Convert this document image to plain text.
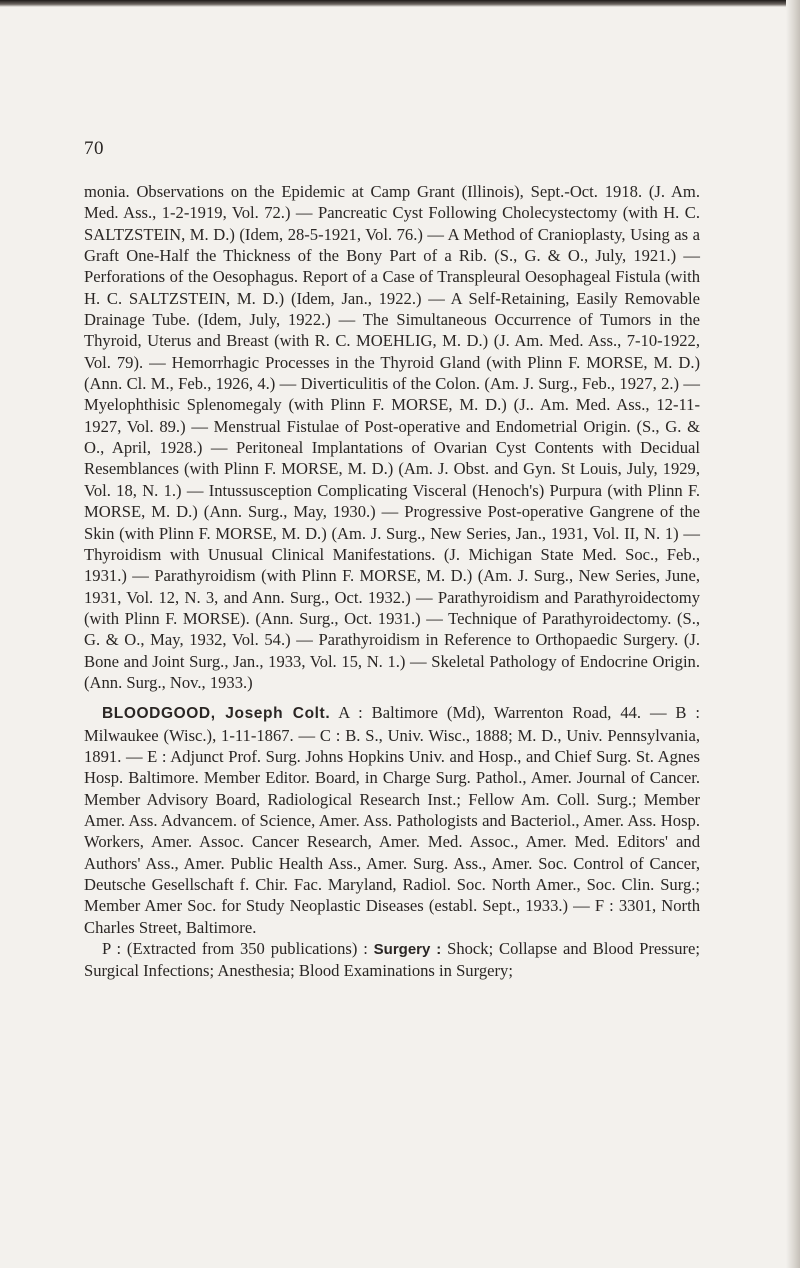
70

monia. Observations on the Epidemic at Camp Grant (Illinois), Sept.-Oct. 1918. (J. Am. Med. Ass., 1-2-1919, Vol. 72.) — Pancreatic Cyst Following Cholecystectomy (with H. C. SALTZSTEIN, M. D.) (Idem, 28-5-1921, Vol. 76.) — A Method of Cranioplasty, Using as a Graft One-Half the Thickness of the Bony Part of a Rib. (S., G. & O., July, 1921.) — Perforations of the Oesophagus. Report of a Case of Transpleural Oesophageal Fistula (with H. C. SALTZSTEIN, M. D.) (Idem, Jan., 1922.) — A Self-Retaining, Easily Removable Drainage Tube. (Idem, July, 1922.) — The Simultaneous Occurrence of Tumors in the Thyroid, Uterus and Breast (with R. C. MOEHLIG, M. D.) (J. Am. Med. Ass., 7-10-1922, Vol. 79). — Hemorrhagic Processes in the Thyroid Gland (with Plinn F. MORSE, M. D.) (Ann. Cl. M., Feb., 1926, 4.) — Diverticulitis of the Colon. (Am. J. Surg., Feb., 1927, 2.) — Myelophthisic Splenomegaly (with Plinn F. MORSE, M. D.) (J.. Am. Med. Ass., 12-11-1927, Vol. 89.) — Menstrual Fistulae of Post-operative and Endometrial Origin. (S., G. & O., April, 1928.) — Peritoneal Implantations of Ovarian Cyst Contents with Decidual Resemblances (with Plinn F. MORSE, M. D.) (Am. J. Obst. and Gyn. St Louis, July, 1929, Vol. 18, N. 1.) — Intussusception Complicating Visceral (Henoch's) Purpura (with Plinn F. MORSE, M. D.) (Ann. Surg., May, 1930.) — Progressive Post-operative Gangrene of the Skin (with Plinn F. MORSE, M. D.) (Am. J. Surg., New Series, Jan., 1931, Vol. II, N. 1) — Thyroidism with Unusual Clinical Manifestations. (J. Michigan State Med. Soc., Feb., 1931.) — Parathyroidism (with Plinn F. MORSE, M. D.) (Am. J. Surg., New Series, June, 1931, Vol. 12, N. 3, and Ann. Surg., Oct. 1932.) — Parathyroidism and Parathyroidectomy (with Plinn F. MORSE). (Ann. Surg., Oct. 1931.) — Technique of Parathyroidectomy. (S., G. & O., May, 1932, Vol. 54.) — Parathyroidism in Reference to Orthopaedic Surgery. (J. Bone and Joint Surg., Jan., 1933, Vol. 15, N. 1.) — Skeletal Pathology of Endocrine Origin. (Ann. Surg., Nov., 1933.)

BLOODGOOD, Joseph Colt. A : Baltimore (Md), Warrenton Road, 44. — B : Milwaukee (Wisc.), 1-11-1867. — C : B. S., Univ. Wisc., 1888; M. D., Univ. Pennsylvania, 1891. — E : Adjunct Prof. Surg. Johns Hopkins Univ. and Hosp., and Chief Surg. St. Agnes Hosp. Baltimore. Member Editor. Board, in Charge Surg. Pathol., Amer. Journal of Cancer. Member Advisory Board, Radiological Research Inst.; Fellow Am. Coll. Surg.; Member Amer. Ass. Advancem. of Science, Amer. Ass. Pathologists and Bacteriol., Amer. Ass. Hosp. Workers, Amer. Assoc. Cancer Research, Amer. Med. Assoc., Amer. Med. Editors' and Authors' Ass., Amer. Public Health Ass., Amer. Surg. Ass., Amer. Soc. Control of Cancer, Deutsche Gesellschaft f. Chir. Fac. Maryland, Radiol. Soc. North Amer., Soc. Clin. Surg.; Member Amer Soc. for Study Neoplastic Diseases (establ. Sept., 1933.) — F : 3301, North Charles Street, Baltimore.

P : (Extracted from 350 publications) : Surgery : Shock; Collapse and Blood Pressure; Surgical Infections; Anesthesia; Blood Examinations in Surgery;
